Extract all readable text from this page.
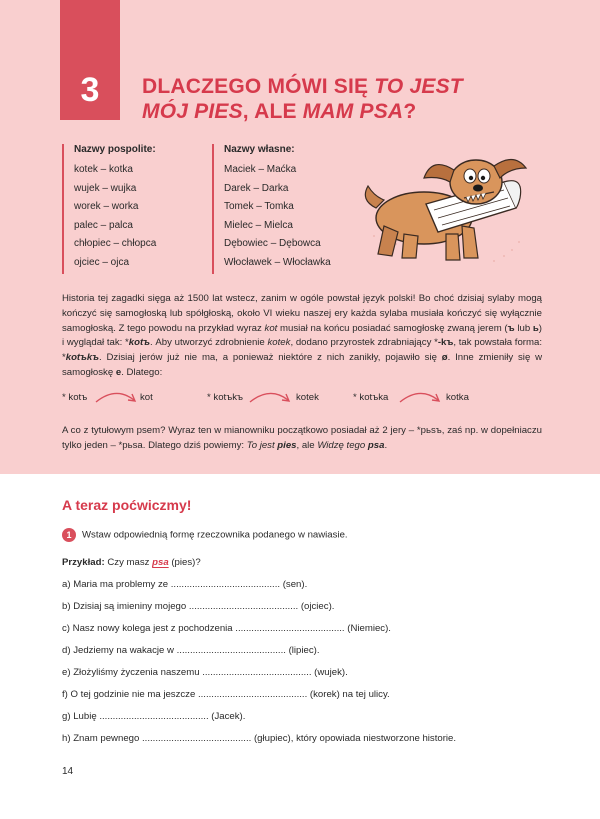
3	DLACZEGO MÓWI SIĘ TO JEST
MÓJ PIES, ALE MAM PSA?
Nazwy pospolite:
kotek – kotka
wujek – wujka
worek – worka
palec – palca
chłopiec – chłopca
ojciec – ojca
Nazwy własne:
Maciek – Maćka
Darek – Darka
Tomek – Tomka
Mielec – Mielca
Dębowiec – Dębowca
Włocławek – Włocławka

Historia tej zagadki sięga aż 1500 lat wstecz, zanim w ogóle powstał język polski! Bo choć dzisiaj sylaby mogą kończyć się samogłoską lub spółgłoską, około VI wieku naszej ery każda sylaba musiała kończyć się wyłącznie samogłoską. Z tego powodu na przykład wyraz kot musiał na końcu posiadać samogłoskę zwaną jerem (ъ lub ь) i wyglądał tak: *kotъ. Aby utworzyć zdrobnienie kotek, dodano przyrostek zdrabniający *-kъ, tak powstała forma: *kotъkъ. Dzisiaj jerów już nie ma, a ponieważ niektóre z nich zanikły, pojawiło się ø. Inne zmieniły się w samogłoskę e. Dlatego:

* kotъ	kot	* kotъkъ	kotek	* kotъka	kotka

A co z tytułowym psem? Wyraz ten w mianowniku początkowo posiadał aż 2 jery – *pьsъ, zaś np. w dopełniaczu tylko jeden – *pьsa. Dlatego dziś powiemy: To jest pies, ale Widzę tego psa.

A teraz poćwiczmy!
1 Wstaw odpowiednią formę rzeczownika podanego w nawiasie.
Przykład: Czy masz psa (pies)?
a) Maria ma problemy ze ......................................... (sen).
b) Dzisiaj są imieniny mojego ......................................... (ojciec).
c) Nasz nowy kolega jest z pochodzenia ......................................... (Niemiec).
d) Jedziemy na wakacje w ......................................... (lipiec).
e) Złożyliśmy życzenia naszemu ......................................... (wujek).
f) O tej godzinie nie ma jeszcze ......................................... (korek) na tej ulicy.
g) Lubię ......................................... (Jacek).
h) Znam pewnego ......................................... (głupiec), który opowiada niestworzone historie.
14
